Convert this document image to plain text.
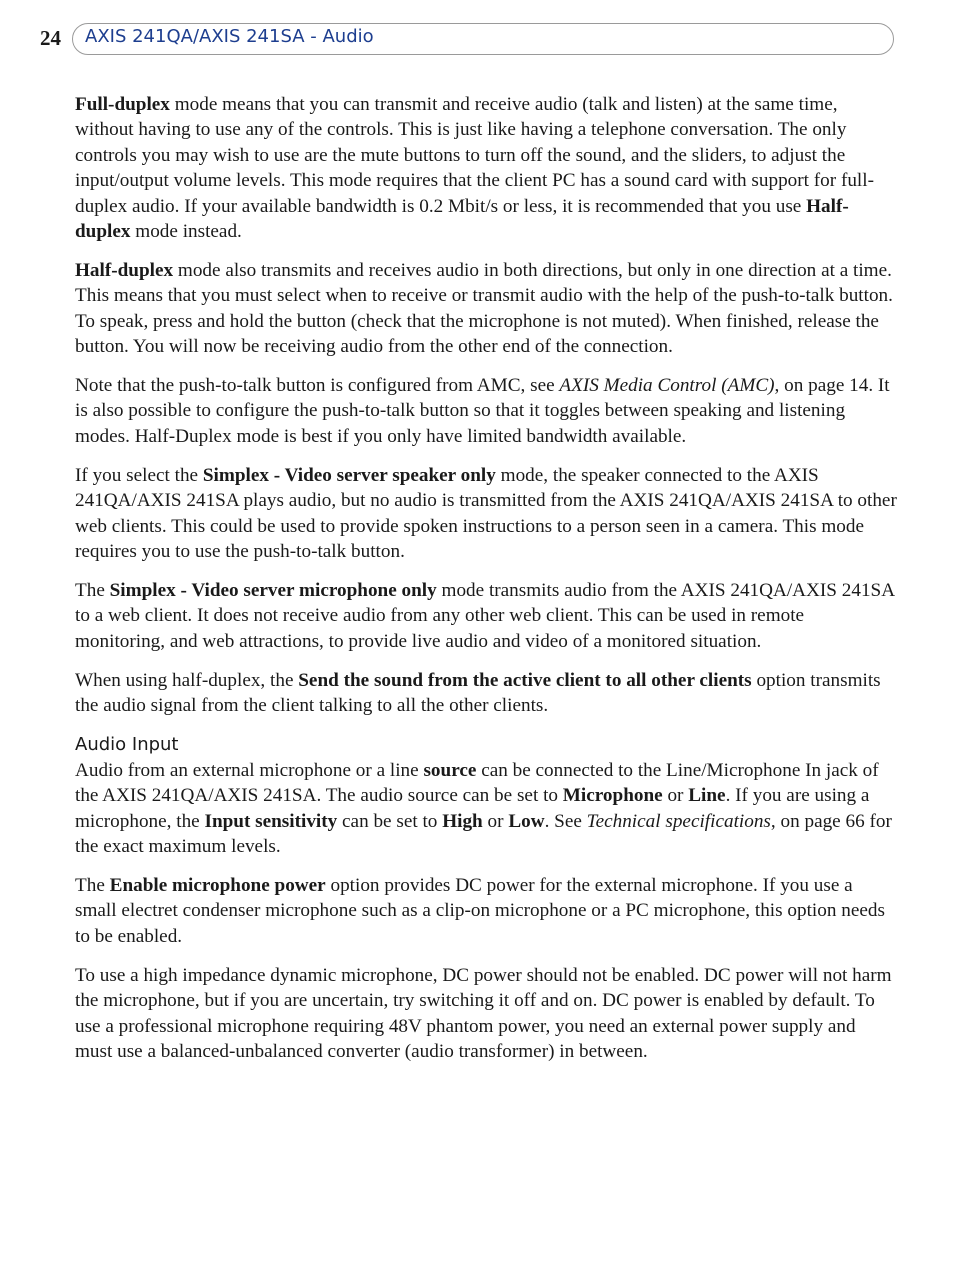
24 AXIS 241QA/AXIS 241SA - Audio

Full-duplex mode means that you can transmit and receive audio (talk and listen) at the same time, without having to use any of the controls. This is just like having a telephone conversation. The only controls you may wish to use are the mute buttons to turn off the sound, and the sliders, to adjust the input/output volume levels. This mode requires that the client PC has a sound card with support for full-duplex audio. If your available bandwidth is 0.2 Mbit/s or less, it is recommended that you use Half-duplex mode instead.

Half-duplex mode also transmits and receives audio in both directions, but only in one direction at a time. This means that you must select when to receive or transmit audio with the help of the push-to-talk button. To speak, press and hold the button (check that the microphone is not muted). When finished, release the button. You will now be receiving audio from the other end of the connection.

Note that the push-to-talk button is configured from AMC, see AXIS Media Control (AMC), on page 14. It is also possible to configure the push-to-talk button so that it toggles between speaking and listening modes. Half-Duplex mode is best if you only have limited bandwidth available.

If you select the Simplex - Video server speaker only mode, the speaker connected to the AXIS 241QA/AXIS 241SA plays audio, but no audio is transmitted from the AXIS 241QA/AXIS 241SA to other web clients. This could be used to provide spoken instructions to a person seen in a camera. This mode requires you to use the push-to-talk button.

The Simplex - Video server microphone only mode transmits audio from the AXIS 241QA/AXIS 241SA to a web client. It does not receive audio from any other web client. This can be used in remote monitoring, and web attractions, to provide live audio and video of a monitored situation.

When using half-duplex, the Send the sound from the active client to all other clients option transmits the audio signal from the client talking to all the other clients.

Audio Input

Audio from an external microphone or a line source can be connected to the Line/Microphone In jack of the AXIS 241QA/AXIS 241SA. The audio source can be set to Microphone or Line. If you are using a microphone, the Input sensitivity can be set to High or Low. See Technical specifications, on page 66 for the exact maximum levels.

The Enable microphone power option provides DC power for the external microphone. If you use a small electret condenser microphone such as a clip-on microphone or a PC microphone, this option needs to be enabled.

To use a high impedance dynamic microphone, DC power should not be enabled. DC power will not harm the microphone, but if you are uncertain, try switching it off and on. DC power is enabled by default. To use a professional microphone requiring 48V phantom power, you need an external power supply and must use a balanced-unbalanced converter (audio transformer) in between.
